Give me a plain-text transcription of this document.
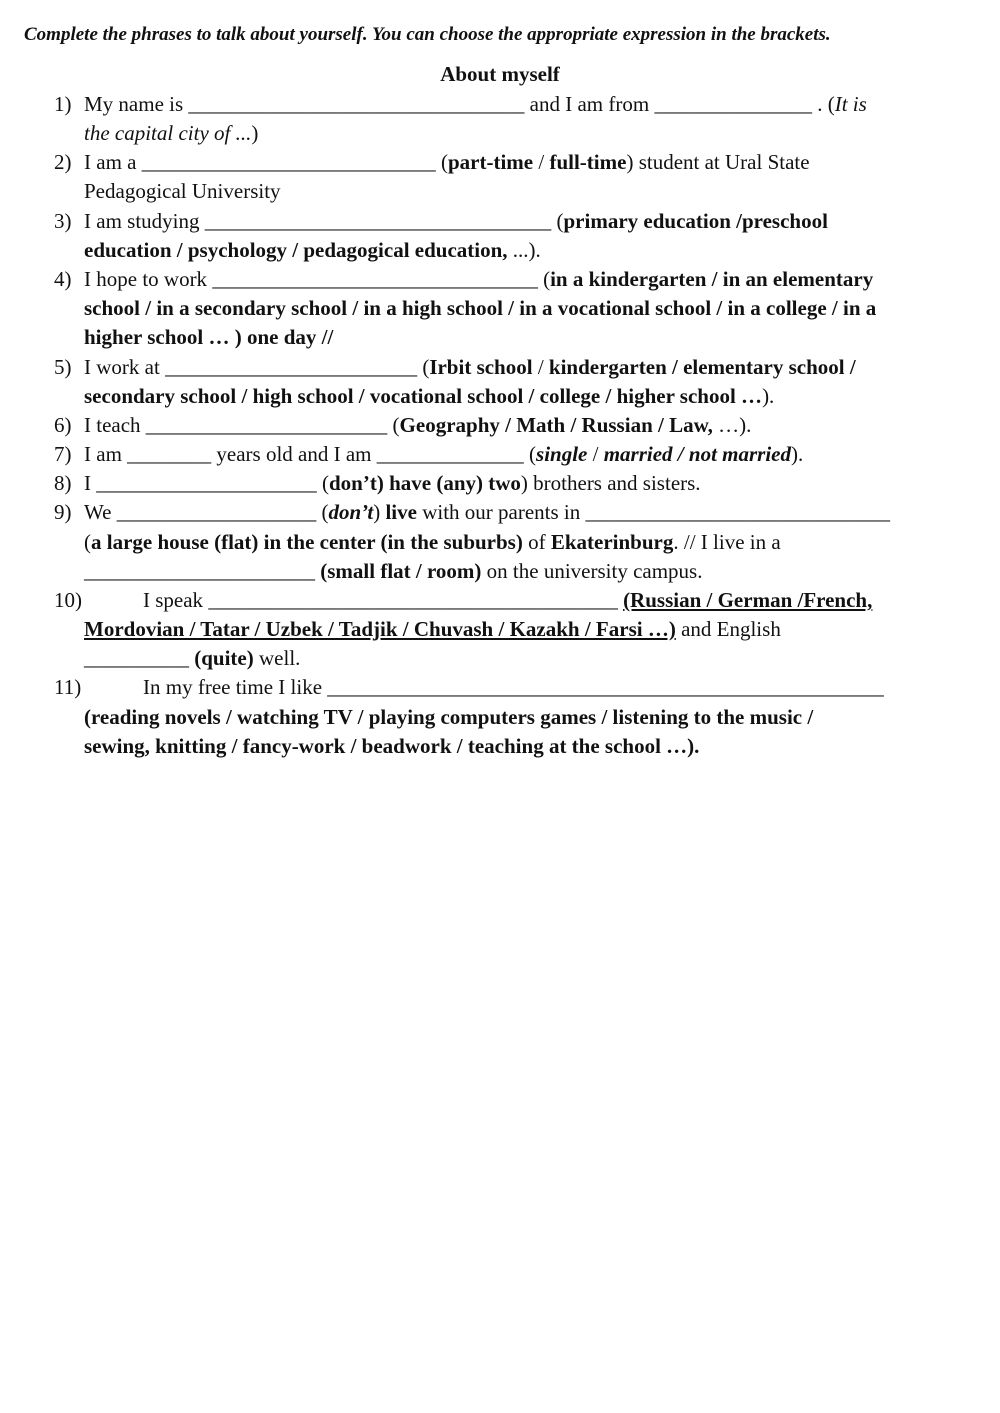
Complete the phrases to talk about yourself. You can choose the appropriate expression in the brackets.
About myself
1) My name is ________________________________ and I am from _______________ . (It is
the capital city of ...)
2) I am a ____________________________ (part-time / full-time) student at Ural State
Pedagogical University
3) I am studying _________________________________ (primary education /preschool
education / psychology / pedagogical education, ...).
4) I hope to work _______________________________ (in a kindergarten / in an elementary
school / in a secondary school / in a high school / in a vocational school / in a college / in a
higher school … ) one day //
5) I work at ________________________ (Irbit school / kindergarten / elementary school /
secondary school / high school / vocational school / college / higher school …).
6) I teach _______________________ (Geography / Math / Russian / Law, …).
7) I am ________ years old and I am ______________ (single / married / not married).
8) I _____________________ (don’t) have (any) two) brothers and sisters.
9) We ___________________ (don’t) live with our parents in _____________________________
(a large house (flat) in the center (in the suburbs) of Ekaterinburg. // I live in a
______________________ (small flat / room) on the university campus.
10)	I speak _______________________________________ (Russian / German /French,
Mordovian / Tatar / Uzbek / Tadjik / Chuvash / Kazakh / Farsi …) and English
__________ (quite) well.
11)	In my free time I like _____________________________________________________
(reading novels / watching TV / playing computers games / listening to the music /
sewing, knitting / fancy-work / beadwork / teaching at the school …).
